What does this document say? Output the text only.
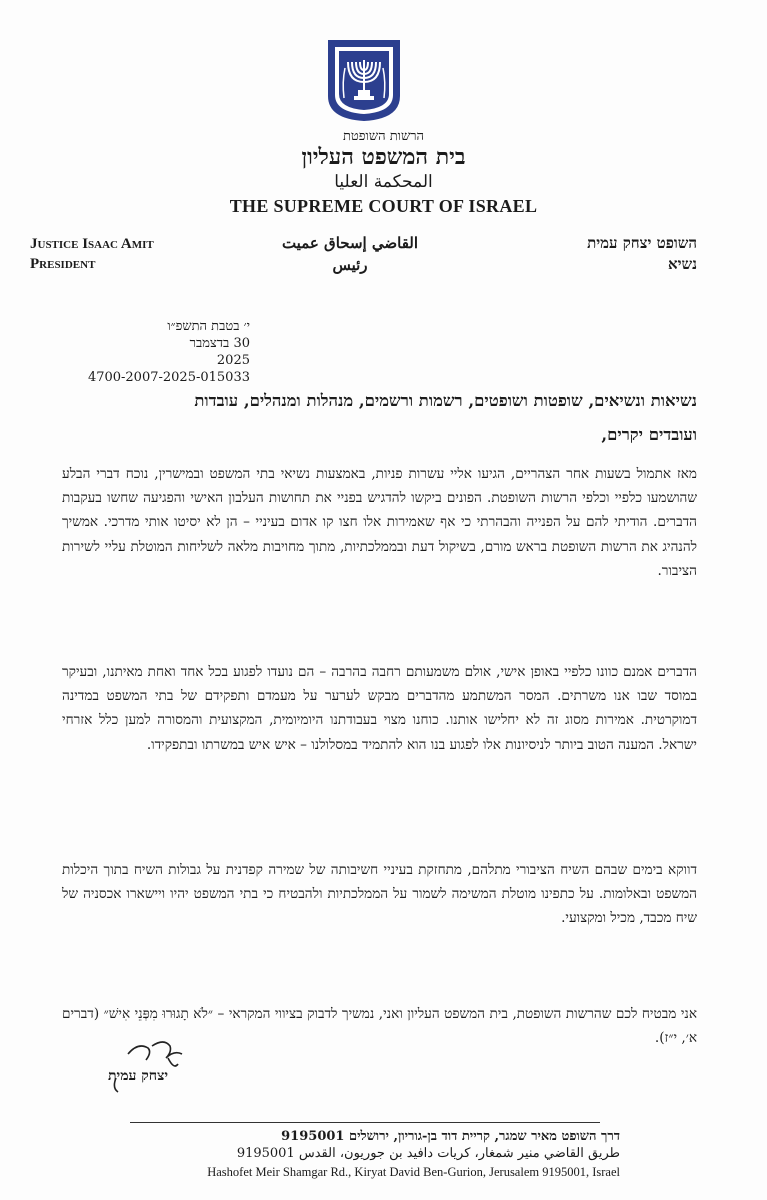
הרשות השופטת
בית המשפט העליון
المحكمة العليا
THE SUPREME COURT OF ISRAEL
Justice Isaac Amit
President
القاضي إسحاق عميت
رئيس
השופט יצחק עמית
נשיא
י׳ בטבת התשפ״ו
30 בדצמבר
2025
4700-2007-2025-015033
נשיאות ונשיאים, שופטות ושופטים, רשמות ורשמים, מנהלות ומנהלים, עובדות
ועובדים יקרים,

מאז אתמול בשעות אחר הצהריים, הגיעו אליי עשרות פניות, באמצעות נשיאי בתי המשפט ובמישרין, נוכח דברי הבלע שהושמעו כלפיי וכלפי הרשות השופטת. הפונים ביקשו להדגיש בפניי את תחושות העלבון האישי והפגיעה שחשו בעקבות הדברים. הודיתי להם על הפנייה והבהרתי כי אף שאמירות אלו חצו קו אדום בעיניי – הן לא יסיטו אותי מדרכי. אמשיך להנהיג את הרשות השופטת בראש מורם, בשיקול דעת ובממלכתיות, מתוך מחויבות מלאה לשליחות המוטלת עליי לשירות הציבור.

הדברים אמנם כוונו כלפיי באופן אישי, אולם משמעותם רחבה בהרבה – הם נועדו לפגוע בכל אחד ואחת מאיתנו, ובעיקר במוסד שבו אנו משרתים. המסר המשתמע מהדברים מבקש לערער על מעמדם ותפקידם של בתי המשפט במדינה דמוקרטית. אמירות מסוג זה לא יחלישו אותנו. כוחנו מצוי בעבודתנו היומיומית, המקצועית והמסורה למען כלל אזרחי ישראל. המענה הטוב ביותר לניסיונות אלו לפגוע בנו הוא להתמיד במסלולנו – איש איש במשרתו ובתפקידו.

דווקא בימים שבהם השיח הציבורי מתלהם, מתחזקת בעיניי חשיבותה של שמירה קפדנית על גבולות השיח בתוך היכלות המשפט ובאלומות. על כתפינו מוטלת המשימה לשמור על הממלכתיות ולהבטיח כי בתי המשפט יהיו ויישארו אכסניה של שיח מכבד, מכיל ומקצועי.

אני מבטיח לכם שהרשות השופטת, בית המשפט העליון ואני, נמשיך לדבוק בציווי המקראי – ״לֹא תָגוּרוּ מִפְּנֵי אִישׁ״ (דברים א׳, י״ז).

יצחק עמית
דרך השופט מאיר שמגר, קריית דוד בן-גוריון, ירושלים 9195001
طريق القاضي منير شمغار، كريات دافيد بن جوريون، القدس 9195001
Hashofet Meir Shamgar Rd., Kiryat David Ben-Gurion, Jerusalem 9195001, Israel
